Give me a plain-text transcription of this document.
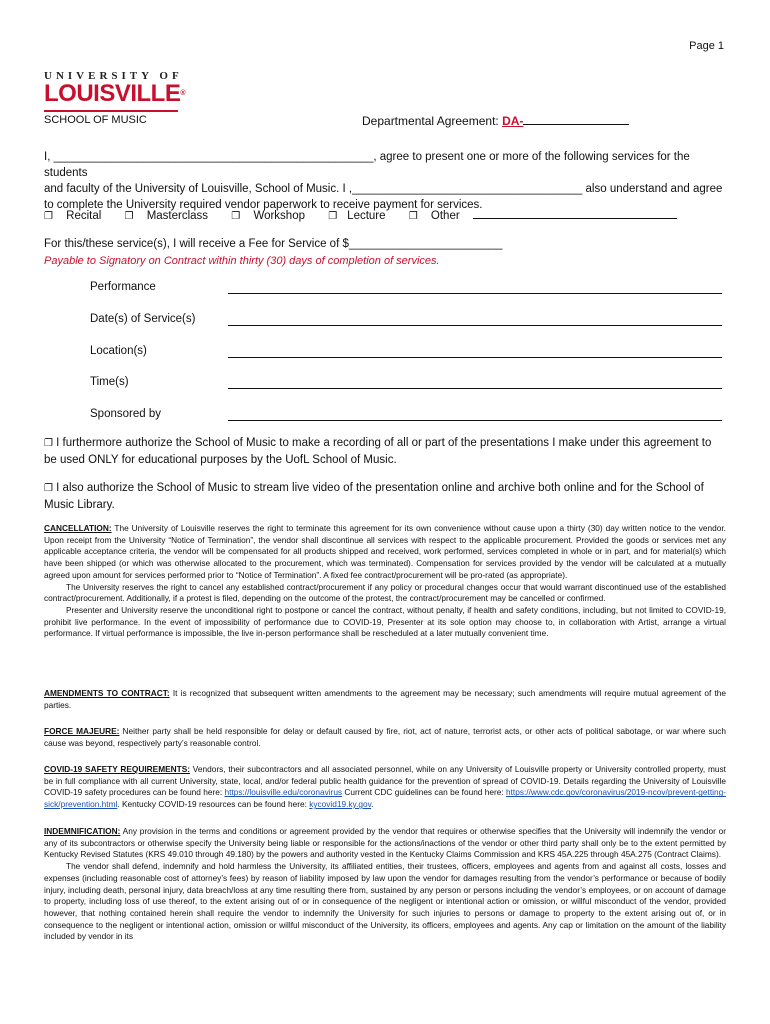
Page 1
UNIVERSITY OF
LOUISVILLE®
SCHOOL OF MUSIC	Departmental Agreement: DA-
I, __________________________________________________, agree to present one or more of the following services for the students
and faculty of the University of Louisville, School of Music. I ,____________________________________ also understand and agree
to complete the University required vendor paperwork to receive payment for services.
❐ Recital ❐ Masterclass ❐ Workshop ❐ Lecture ❐ Other
For this/these service(s), I will receive a Fee for Service of $________________________
Payable to Signatory on Contract within thirty (30) days of completion of services.
Performance
Date(s) of Service(s)
Location(s)
Time(s)
Sponsored by
❐ I furthermore authorize the School of Music to make a recording of all or part of the presentations I make under this agreement to be used ONLY for educational purposes by the UofL School of Music.
❐ I also authorize the School of Music to stream live video of the presentation online and archive both online and for the School of Music Library.
CANCELLATION: The University of Louisville reserves the right to terminate this agreement for its own convenience without cause upon a thirty (30) day written notice to the vendor. Upon receipt from the University “Notice of Termination”, the vendor shall discontinue all services with respect to the applicable procurement. Provided the goods or services met any applicable acceptance criteria, the vendor will be compensated for all products shipped and received, work performed, services completed in whole or in part, and for material(s) which have been shipped (or which was otherwise allocated to the procurement, which was terminated). Compensation for services provided by the vendor will be calculated at a mutually agreed upon amount for services performed prior to “Notice of Termination”. A fixed fee contract/procurement will be pro-rated (as appropriate).
The University reserves the right to cancel any established contract/procurement if any policy or procedural changes occur that would warrant discontinued use of the established contract/procurement. Additionally, if a protest is filed, depending on the outcome of the protest, the contract/procurement may be cancelled or confirmed.
Presenter and University reserve the unconditional right to postpone or cancel the contract, without penalty, if health and safety conditions, including, but not limited to COVID-19, prohibit live performance. In the event of impossibility of performance due to COVID-19, Presenter at its sole option may choose to, in collaboration with Artist, arrange a virtual performance. If virtual performance is impossible, the live in-person performance shall be rescheduled at a later mutually convenient time.
AMENDMENTS TO CONTRACT: It is recognized that subsequent written amendments to the agreement may be necessary; such amendments will require mutual agreement of the parties.
FORCE MAJEURE: Neither party shall be held responsible for delay or default caused by fire, riot, act of nature, terrorist acts, or other acts of political sabotage, or war where such cause was beyond, respectively party’s reasonable control.
COVID-19 SAFETY REQUIREMENTS: Vendors, their subcontractors and all associated personnel, while on any University of Louisville property or University controlled property, must be in full compliance with all current University, state, local, and/or federal public health guidance for the prevention of spread of COVID-19. Details regarding the University of Louisville COVID-19 safety procedures can be found here: https://louisville.edu/coronavirus Current CDC guidelines can be found here: https://www.cdc.gov/coronavirus/2019-ncov/prevent-getting-sick/prevention.html. Kentucky COVID-19 resources can be found here: kycovid19.ky.gov.
INDEMNIFICATION: Any provision in the terms and conditions or agreement provided by the vendor that requires or otherwise specifies that the University will indemnify the vendor or any of its subcontractors or otherwise specify the University being liable or responsible for the actions/inactions of the vendor or other third party shall only be to the extent permitted by Kentucky Revised Statutes (KRS 49.010 through 49.180) by the powers and authority vested in the Kentucky Claims Commission and KRS 45A.225 through 45A.275 (Contract Claims).
The vendor shall defend, indemnify and hold harmless the University, its affiliated entities, their trustees, officers, employees and agents from and against all costs, losses and expenses (including reasonable cost of attorney’s fees) by reason of liability imposed by law upon the vendor for damages resulting from the vendor’s performance or because of bodily injury, including death, personal injury, data breach/loss at any time resulting there from, sustained by any person or persons including the vendor’s employees, or on account of damage to property, including loss of use thereof, to the extent arising out of or in consequence of the negligent or intentional action or omission, or willful misconduct of the vendor, provided however, that nothing contained herein shall require the vendor to indemnify the University for such injuries to persons or damage to property to the extent arising out of, or in consequence to the negligent or intentional action, omission or willful misconduct of the University, its officers, employees and agents. Any cap or limitation on the amount of the liability included by vendor in its
